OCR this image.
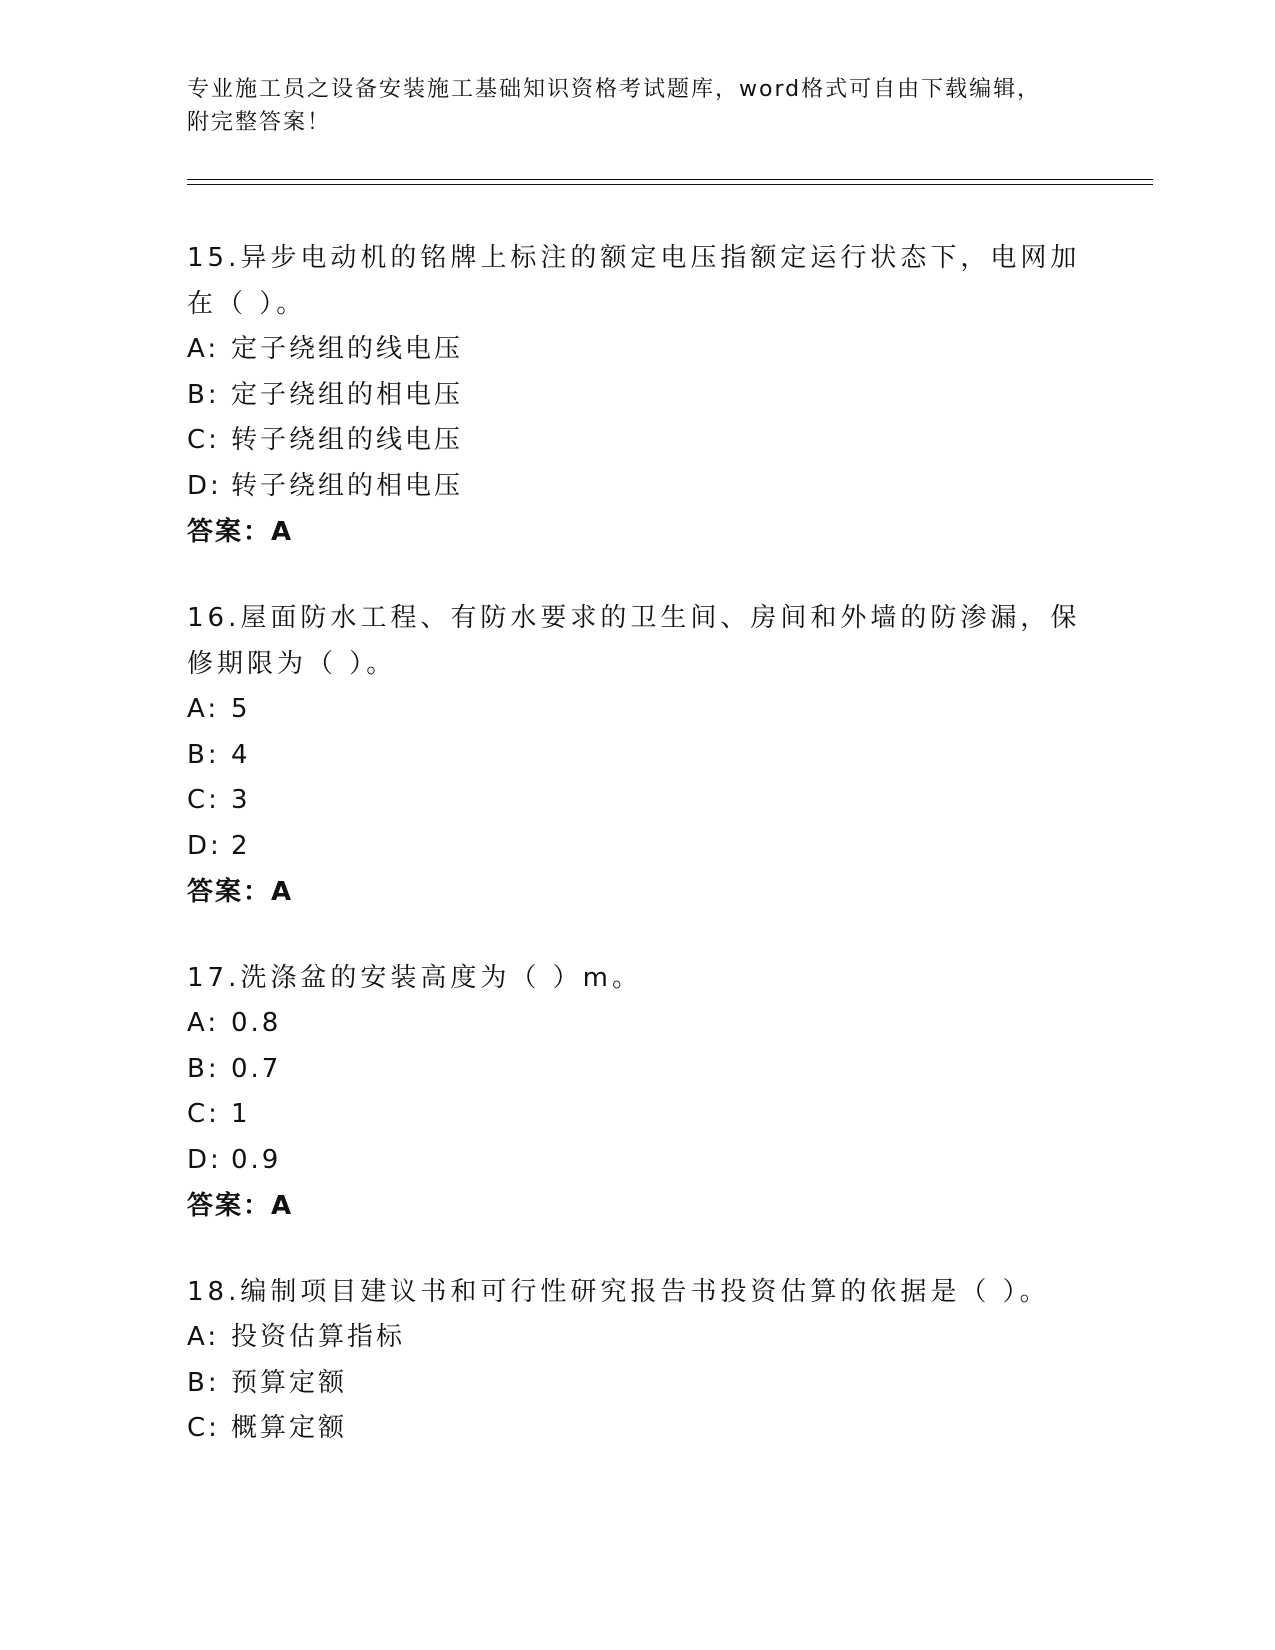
专业施工员之设备安装施工基础知识资格考试题库，word格式可自由下载编辑，
附完整答案！
15.异步电动机的铭牌上标注的额定电压指额定运行状态下，电网加在（ ）。
A: 定子绕组的线电压
B: 定子绕组的相电压
C: 转子绕组的线电压
D: 转子绕组的相电压
答案：A
16.屋面防水工程、有防水要求的卫生间、房间和外墙的防渗漏，保修期限为（ ）。
A: 5
B: 4
C: 3
D: 2
答案：A
17.洗涤盆的安装高度为（ ）m。
A: 0.8
B: 0.7
C: 1
D: 0.9
答案：A
18.编制项目建议书和可行性研究报告书投资估算的依据是（ ）。
A: 投资估算指标
B: 预算定额
C: 概算定额
